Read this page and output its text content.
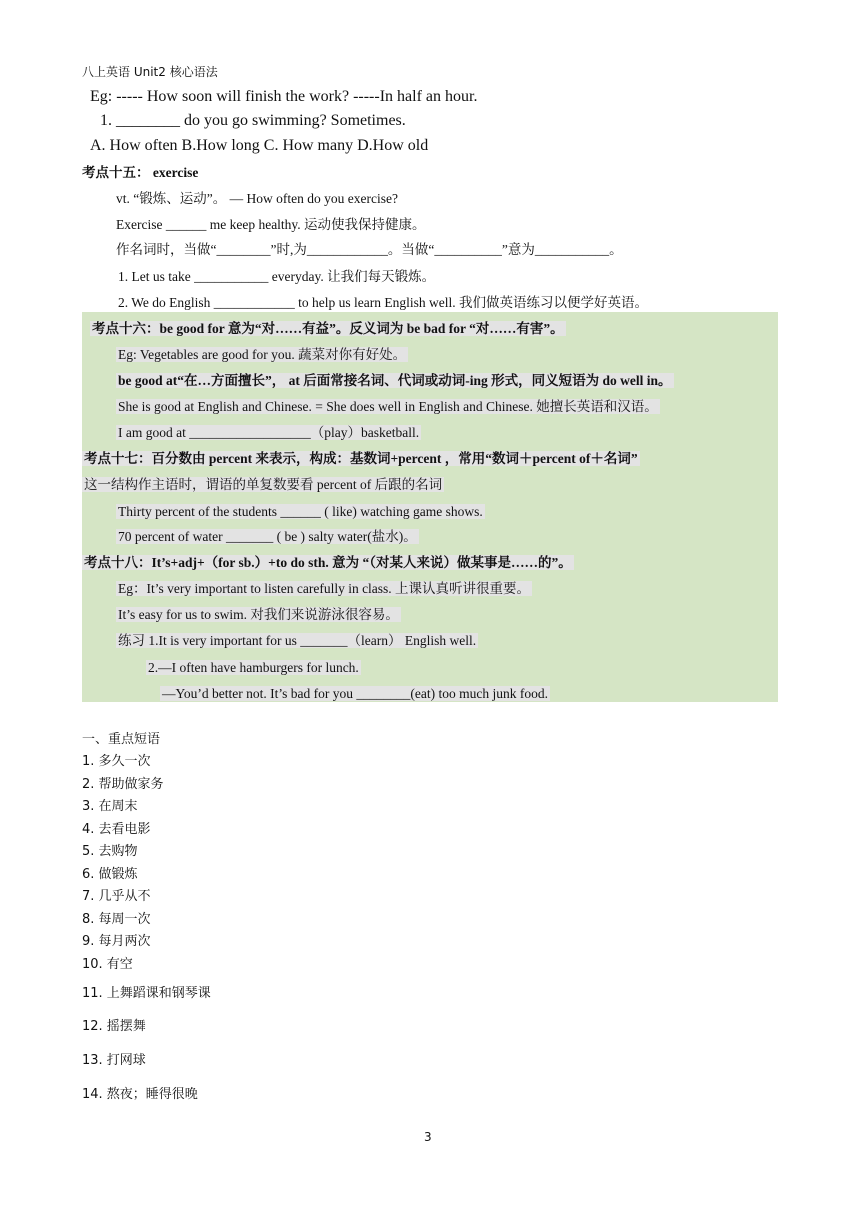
八上英语 Unit2 核心语法
Eg: ----- How soon will finish the work? -----In half an hour.
1. ________ do you go swimming? Sometimes.
A. How often B.How long C. How many D.How old
考点十五： exercise
vt. “锻炼、运动”。 — How often do you exercise?
Exercise ______ me keep healthy. 运动使我保持健康。
作名词时，当做“________”时,为____________。当做“__________”意为___________。
1. Let us take ___________ everyday. 让我们每天锻炼。
2. We do English ____________ to help us learn English well. 我们做英语练习以便学好英语。
考点十六：be good for 意为“对……有益”。反义词为 be bad for “对……有害”。
Eg: Vegetables are good for you. 蔬菜对你有好处。
be good at“在…方面擅长”， at 后面常接名词、代词或动词-ing 形式，同义短语为 do well in。
She is good at English and Chinese. = She does well in English and Chinese. 她擅长英语和汉语。
I am good at __________________（play）basketball.
考点十七：百分数由 percent 来表示，构成：基数词+percent ，常用“数词＋percent of＋名词”
这一结构作主语时，谓语的单复数要看 percent of 后跟的名词
Thirty percent of the students ______ ( like) watching game shows.
70 percent of water _______ ( be ) salty water(盐水)。
考点十八：It’s+adj+（for sb.）+to do sth. 意为 “（对某人来说）做某事是……的”。
Eg：It’s very important to listen carefully in class. 上课认真听讲很重要。
It’s easy for us to swim. 对我们来说游泳很容易。
练习 1.It is very important for us _______（learn） English well.
2.—I often have hamburgers for lunch.
—You’d better not. It’s bad for you ________(eat) too much junk food.
一、重点短语
1. 多久一次
2. 帮助做家务
3. 在周末
4. 去看电影
5. 去购物
6. 做锻炼
7. 几乎从不
8. 每周一次
9. 每月两次
10. 有空
11. 上舞蹈课和钢琴课
12. 摇摆舞
13. 打网球
14. 熬夜；睡得很晚
3
